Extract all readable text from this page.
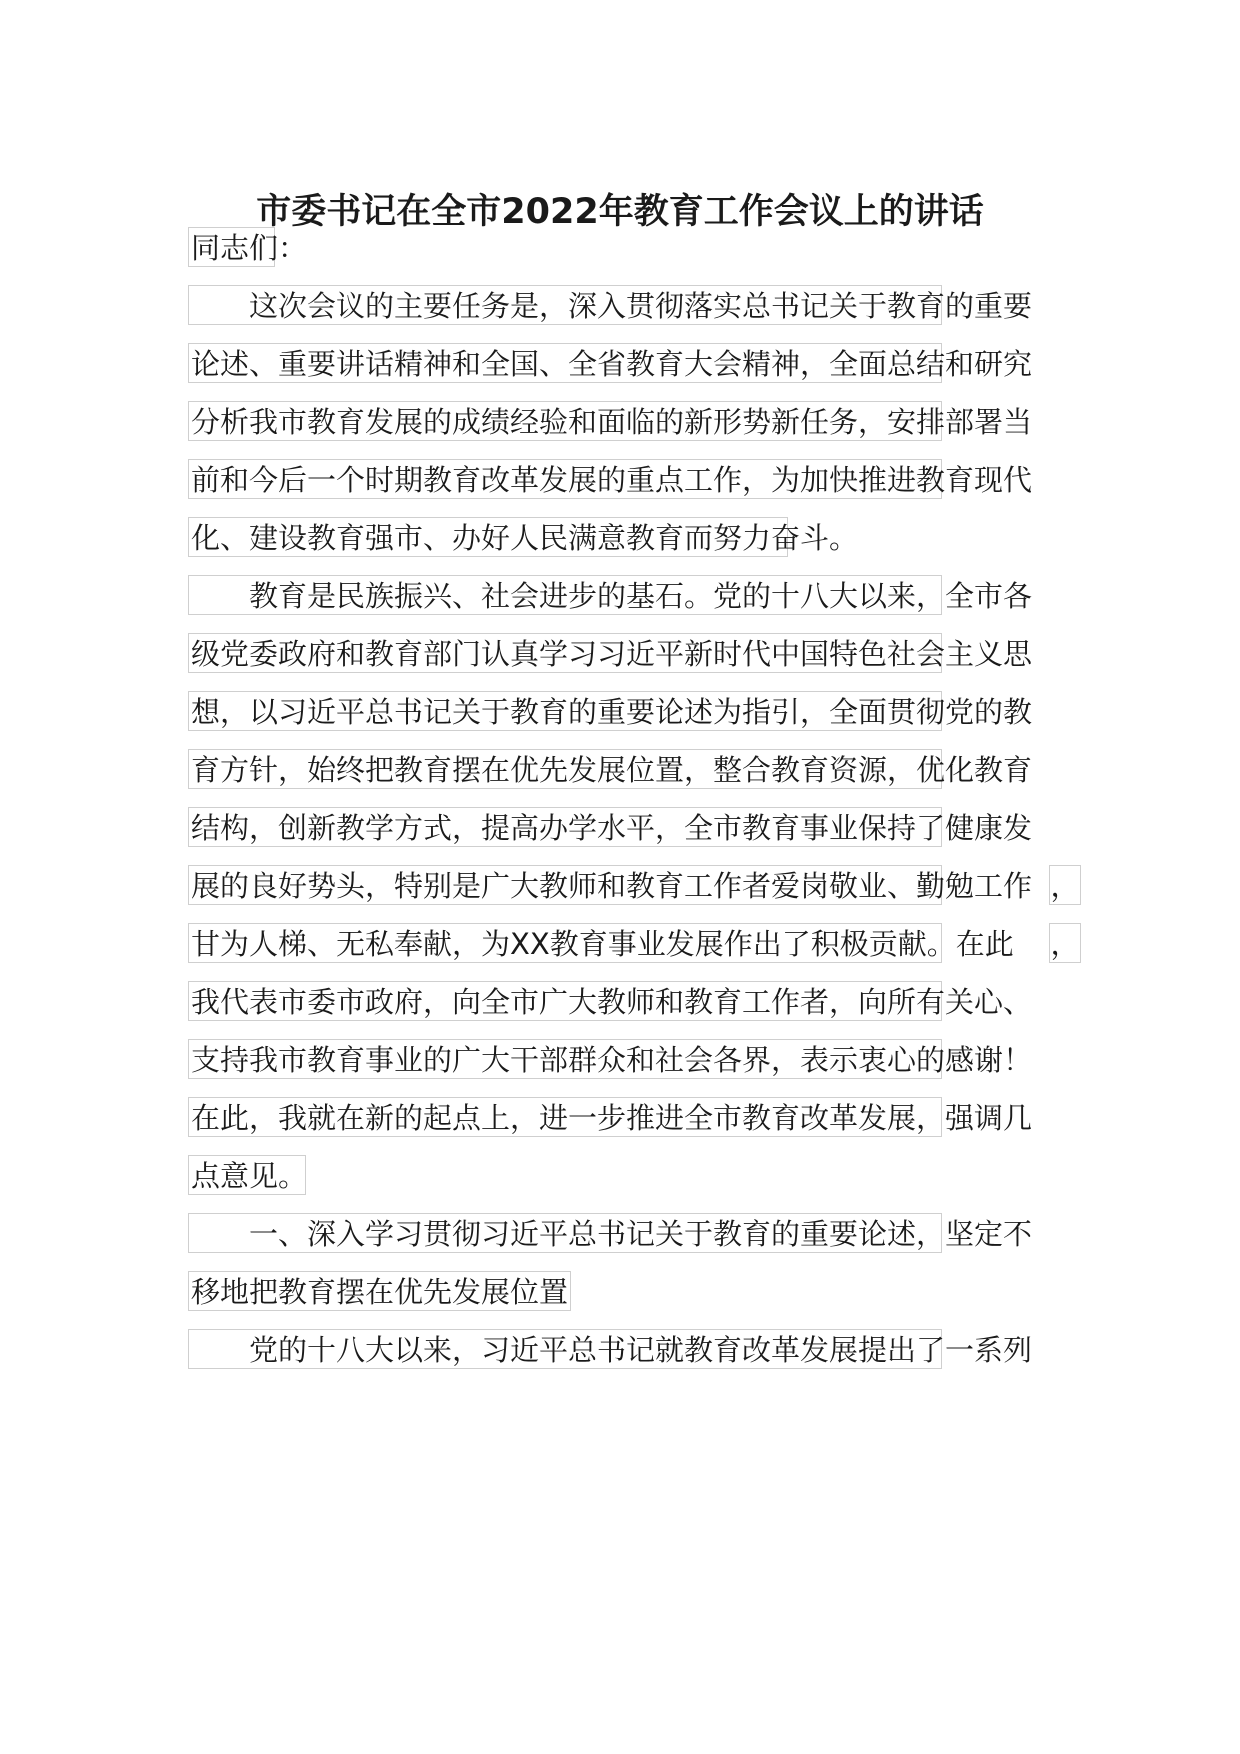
市委书记在全市2022年教育工作会议上的讲话
同志们：
这次会议的主要任务是，深入贯彻落实总书记关于教育的重要
论述、重要讲话精神和全国、全省教育大会精神，全面总结和研究
分析我市教育发展的成绩经验和面临的新形势新任务，安排部署当
前和今后一个时期教育改革发展的重点工作，为加快推进教育现代
化、建设教育强市、办好人民满意教育而努力奋斗。
教育是民族振兴、社会进步的基石。党的十八大以来，全市各
级党委政府和教育部门认真学习习近平新时代中国特色社会主义思
想，以习近平总书记关于教育的重要论述为指引，全面贯彻党的教
育方针，始终把教育摆在优先发展位置，整合教育资源，优化教育
结构，创新教学方式，提高办学水平，全市教育事业保持了健康发
展的良好势头，特别是广大教师和教育工作者爱岗敬业、勤勉工作 ，
甘为人梯、无私奉献，为XX教育事业发展作出了积极贡献。在此 ，
我代表市委市政府，向全市广大教师和教育工作者，向所有关心、
支持我市教育事业的广大干部群众和社会各界，表示衷心的感谢！
在此，我就在新的起点上，进一步推进全市教育改革发展，强调几
点意见。
一、深入学习贯彻习近平总书记关于教育的重要论述，坚定不
移地把教育摆在优先发展位置
党的十八大以来，习近平总书记就教育改革发展提出了一系列
